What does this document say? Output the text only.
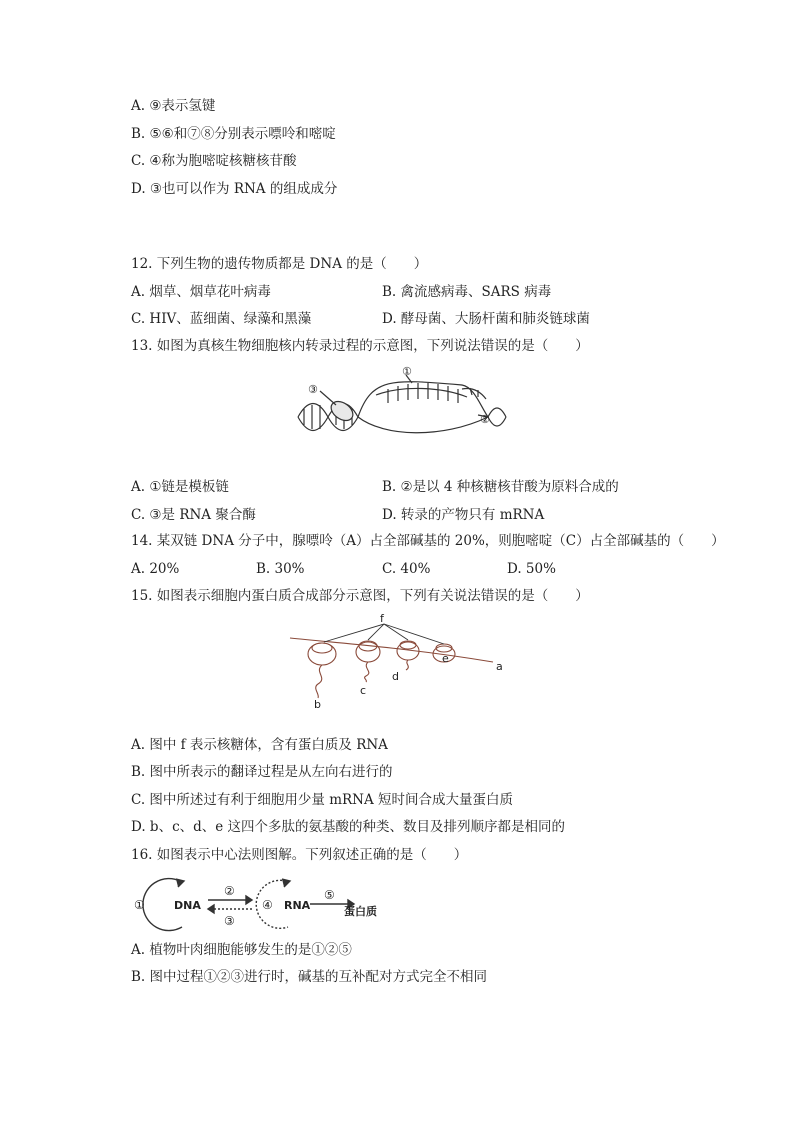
A. ⑨表示氢键
B. ⑤⑥和⑦⑧分别表示嘌呤和嘧啶
C. ④称为胞嘧啶核糖核苷酸
D. ③也可以作为 RNA 的组成成分
12. 下列生物的遗传物质都是 DNA 的是（　　）
A. 烟草、烟草花叶病毒	B. 禽流感病毒、SARS 病毒
C. HIV、蓝细菌、绿藻和黑藻	D. 酵母菌、大肠杆菌和肺炎链球菌
13. 如图为真核生物细胞核内转录过程的示意图，下列说法错误的是（　　）
③
①
②
A. ①链是模板链	B. ②是以 4 种核糖核苷酸为原料合成的
C. ③是 RNA 聚合酶	D. 转录的产物只有 mRNA
14. 某双链 DNA 分子中，腺嘌呤（A）占全部碱基的 20%，则胞嘧啶（C）占全部碱基的（　　）
A. 20%	B. 30%	C. 40%	D. 50%
15. 如图表示细胞内蛋白质合成部分示意图，下列有关说法错误的是（　　）
f
a
b
c
d
e
A. 图中 f 表示核糖体，含有蛋白质及 RNA
B. 图中所表示的翻译过程是从左向右进行的
C. 图中所述过有利于细胞用少量 mRNA 短时间合成大量蛋白质
D. b、c、d、e 这四个多肽的氨基酸的种类、数目及排列顺序都是相同的
16. 如图表示中心法则图解。下列叙述正确的是（　　）
①	DNA
②
③
④ RNA
⑤
蛋白质
A. 植物叶肉细胞能够发生的是①②⑤
B. 图中过程①②③进行时，碱基的互补配对方式完全不相同
